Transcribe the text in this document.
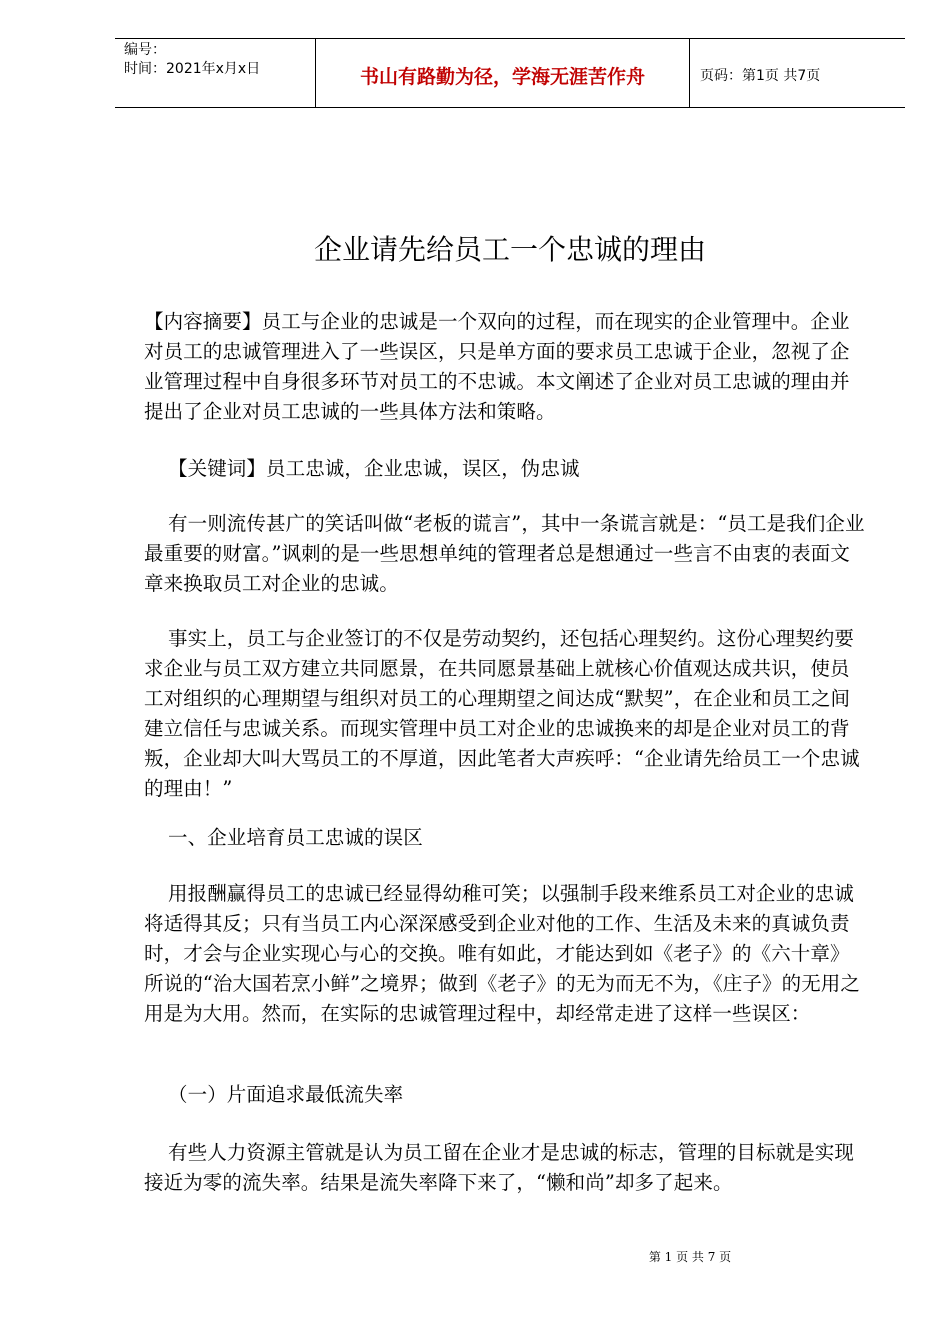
编号：
时间：2021年x月x日	书山有路勤为径，学海无涯苦作舟	页码：第1页 共7页
企业请先给员工一个忠诚的理由
【内容摘要】员工与企业的忠诚是一个双向的过程，而在现实的企业管理中。企业对员工的忠诚管理进入了一些误区，只是单方面的要求员工忠诚于企业，忽视了企业管理过程中自身很多环节对员工的不忠诚。本文阐述了企业对员工忠诚的理由并提出了企业对员工忠诚的一些具体方法和策略。
【关键词】员工忠诚，企业忠诚，误区，伪忠诚
有一则流传甚广的笑话叫做“老板的谎言”，其中一条谎言就是：“员工是我们企业最重要的财富。”讽刺的是一些思想单纯的管理者总是想通过一些言不由衷的表面文章来换取员工对企业的忠诚。
事实上，员工与企业签订的不仅是劳动契约，还包括心理契约。这份心理契约要求企业与员工双方建立共同愿景，在共同愿景基础上就核心价值观达成共识，使员工对组织的心理期望与组织对员工的心理期望之间达成“默契”，在企业和员工之间建立信任与忠诚关系。而现实管理中员工对企业的忠诚换来的却是企业对员工的背叛，企业却大叫大骂员工的不厚道，因此笔者大声疾呼：“企业请先给员工一个忠诚的理由！”
一、企业培育员工忠诚的误区
用报酬赢得员工的忠诚已经显得幼稚可笑；以强制手段来维系员工对企业的忠诚将适得其反；只有当员工内心深深感受到企业对他的工作、生活及未来的真诚负责时，才会与企业实现心与心的交换。唯有如此，才能达到如《老子》的《六十章》所说的“治大国若烹小鲜”之境界；做到《老子》的无为而无不为，《庄子》的无用之用是为大用。然而，在实际的忠诚管理过程中，却经常走进了这样一些误区：
（一）片面追求最低流失率
有些人力资源主管就是认为员工留在企业才是忠诚的标志，管理的目标就是实现接近为零的流失率。结果是流失率降下来了，“懒和尚”却多了起来。
第 1 页 共 7 页
